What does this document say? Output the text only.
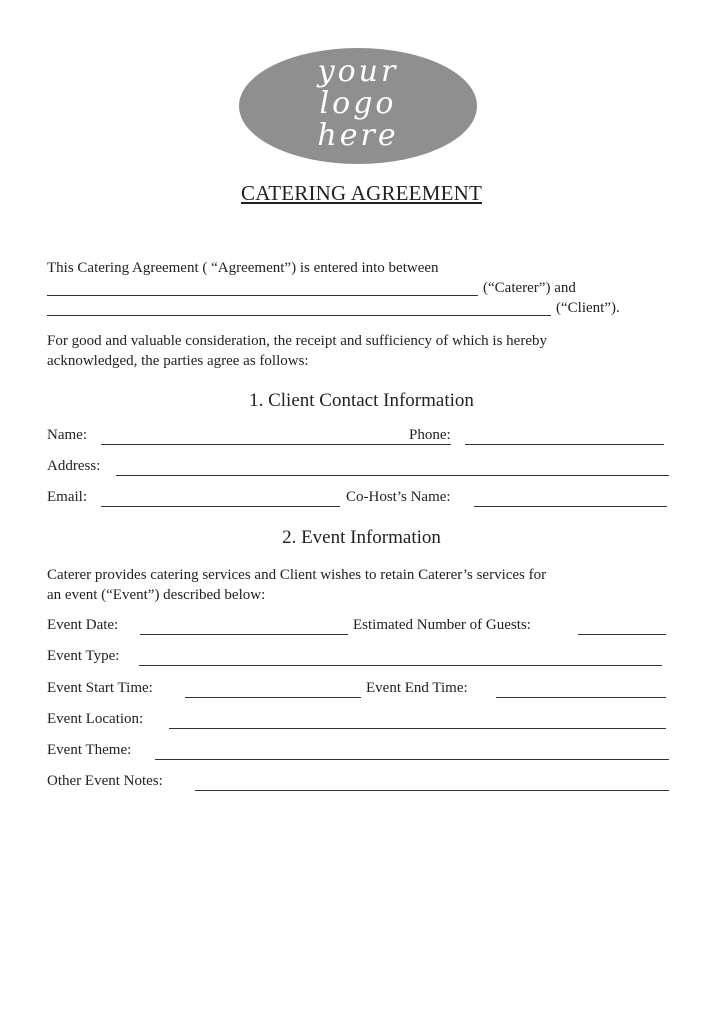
your
logo
here
CATERING AGREEMENT
This Catering Agreement ( “Agreement”) is entered into between
(“Caterer”) and
(“Client”).
For good and valuable consideration, the receipt and sufficiency of which is hereby
acknowledged, the parties agree as follows:
1. Client Contact Information
Name:	Phone:
Address:
Email:	Co-Host’s Name:
2. Event Information
Caterer provides catering services and Client wishes to retain Caterer’s services for
an event (“Event”) described below:
Event Date:	Estimated Number of Guests:
Event Type:
Event Start Time:	Event End Time:
Event Location:
Event Theme:
Other Event Notes:
